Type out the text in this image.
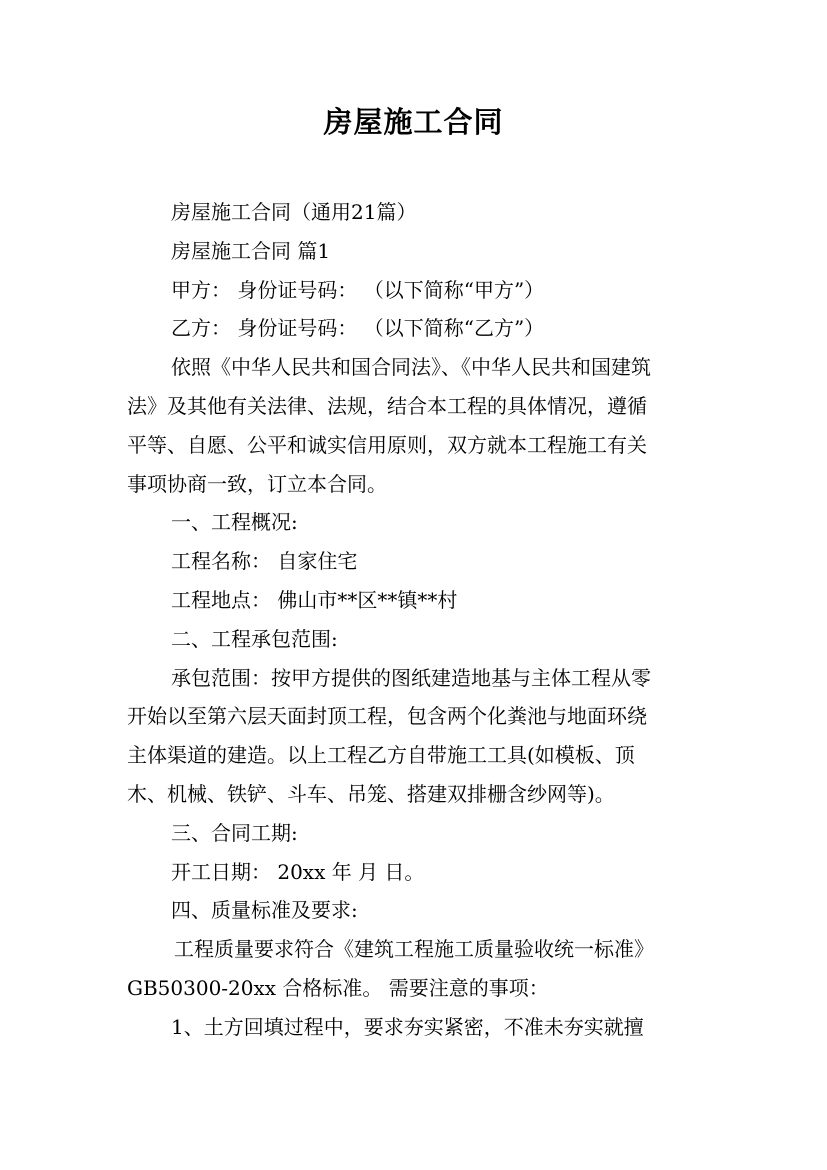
房屋施工合同
房屋施工合同（通用21篇）
房屋施工合同 篇1
甲方： 身份证号码： （以下简称“甲方”）
乙方： 身份证号码： （以下简称“乙方”）
依照《中华人民共和国合同法》、《中华人民共和国建筑
法》及其他有关法律、法规，结合本工程的具体情况，遵循
平等、自愿、公平和诚实信用原则，双方就本工程施工有关
事项协商一致，订立本合同。
一、工程概况:
工程名称： 自家住宅
工程地点： 佛山市**区**镇**村
二、工程承包范围:
承包范围：按甲方提供的图纸建造地基与主体工程从零
开始以至第六层天面封顶工程，包含两个化粪池与地面环绕
主体渠道的建造。以上工程乙方自带施工工具(如模板、顶
木、机械、铁铲、斗车、吊笼、搭建双排栅含纱网等)。
三、合同工期:
开工日期： 20xx 年 月 日。
四、质量标准及要求:
工程质量要求符合《建筑工程施工质量验收统一标准》
GB50300-20xx 合格标准。 需要注意的事项：
1、土方回填过程中，要求夯实紧密，不准未夯实就擅
